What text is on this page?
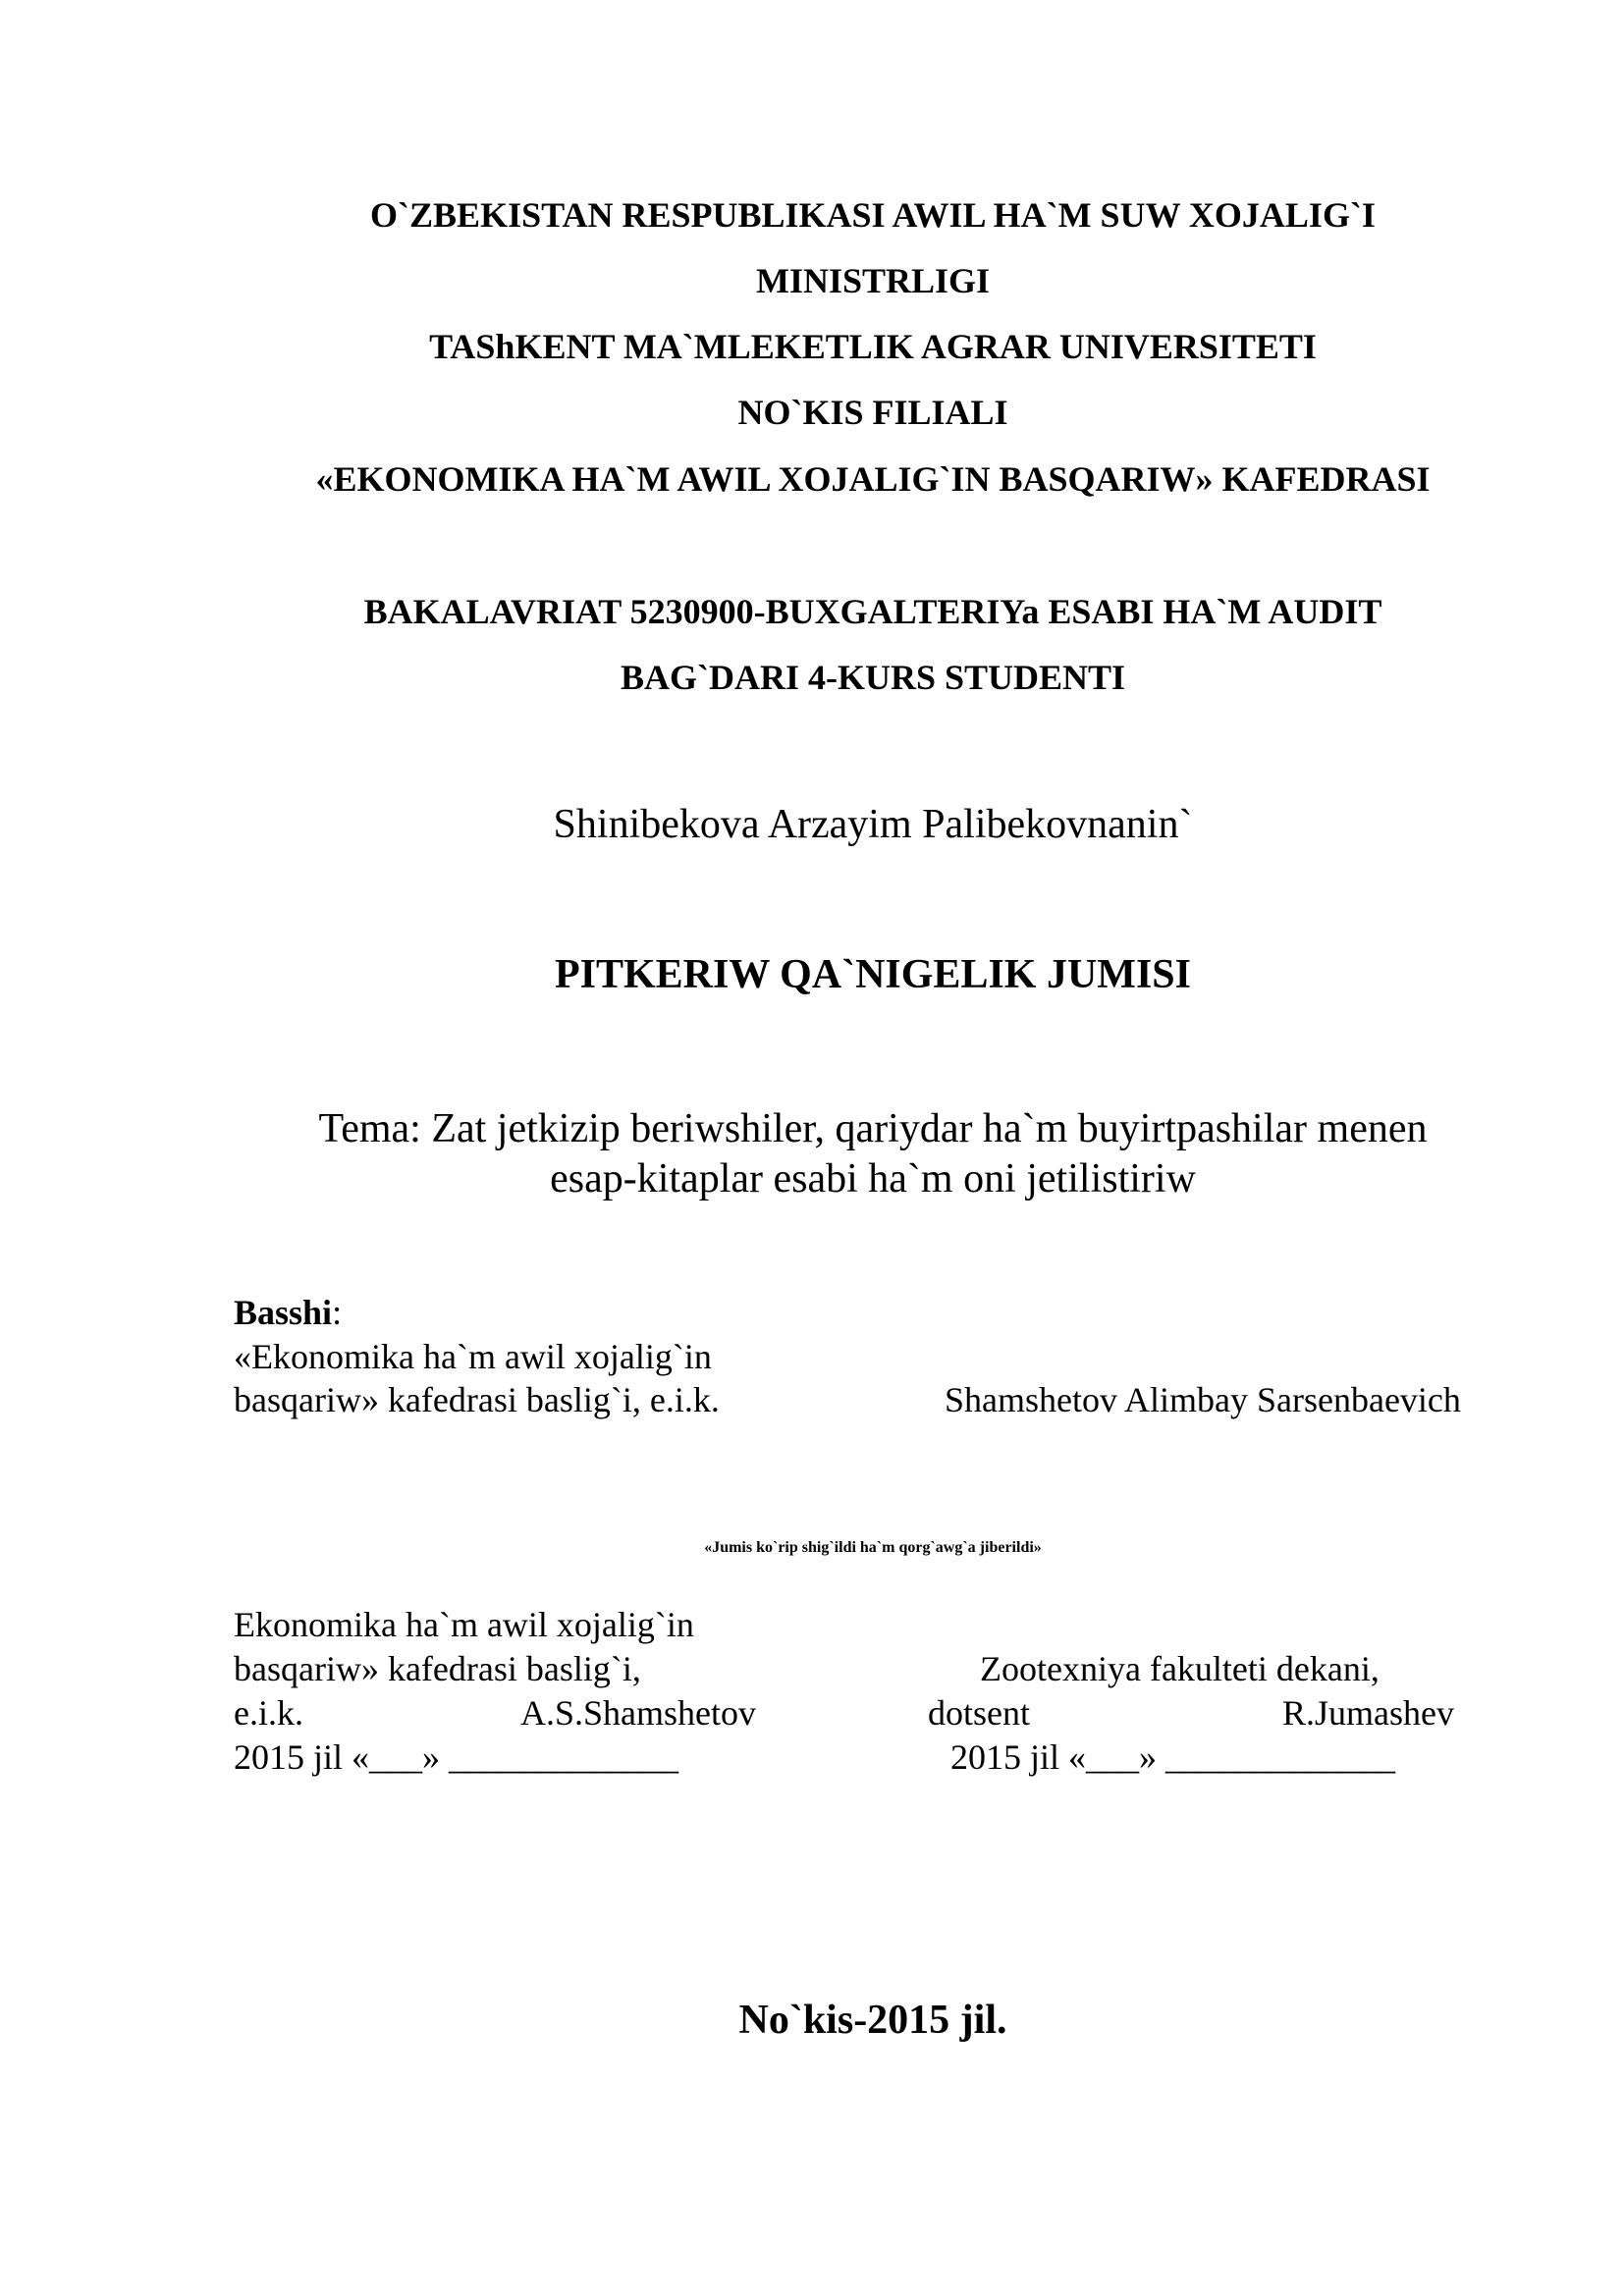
O`ZBEKISTAN RESPUBLIKASI AWIL HA`M SUW XOJALIG`I
MINISTRLIGI
TAShKENT MA`MLEKETLIK AGRAR UNIVERSITETI
NO`KIS FILIALI
«EKONOMIKA HA`M AWIL XOJALIG`IN BASQARIW» KAFEDRASI
BAKALAVRIAT 5230900-BUXGALTERIYa ESABI HA`M AUDIT
BAG`DARI 4-KURS STUDENTI
Shinibekova Arzayim Palibekovnanin`
PITKERIW QA`NIGELIK JUMISI
Tema: Zat jetkizip beriwshiler, qariydar ha`m buyirtpashilar menen
esap-kitaplar esabi ha`m oni jetilistiriw
Basshi:
«Ekonomika ha`m awil xojalig`in
basqariw» kafedrasi baslig`i, e.i.k.	Shamshetov Alimbay Sarsenbaevich
«Jumis ko`rip shig`ildi ha`m qorg`awg`a jiberildi»
Ekonomika ha`m awil xojalig`in
basqariw» kafedrasi baslig`i,
e.i.k.	A.S.Shamshetov
2015 jil «___» _____________
Zootexniya fakulteti dekani,
dotsent	R.Jumashev
2015 jil «___» _____________
No`kis-2015 jil.
